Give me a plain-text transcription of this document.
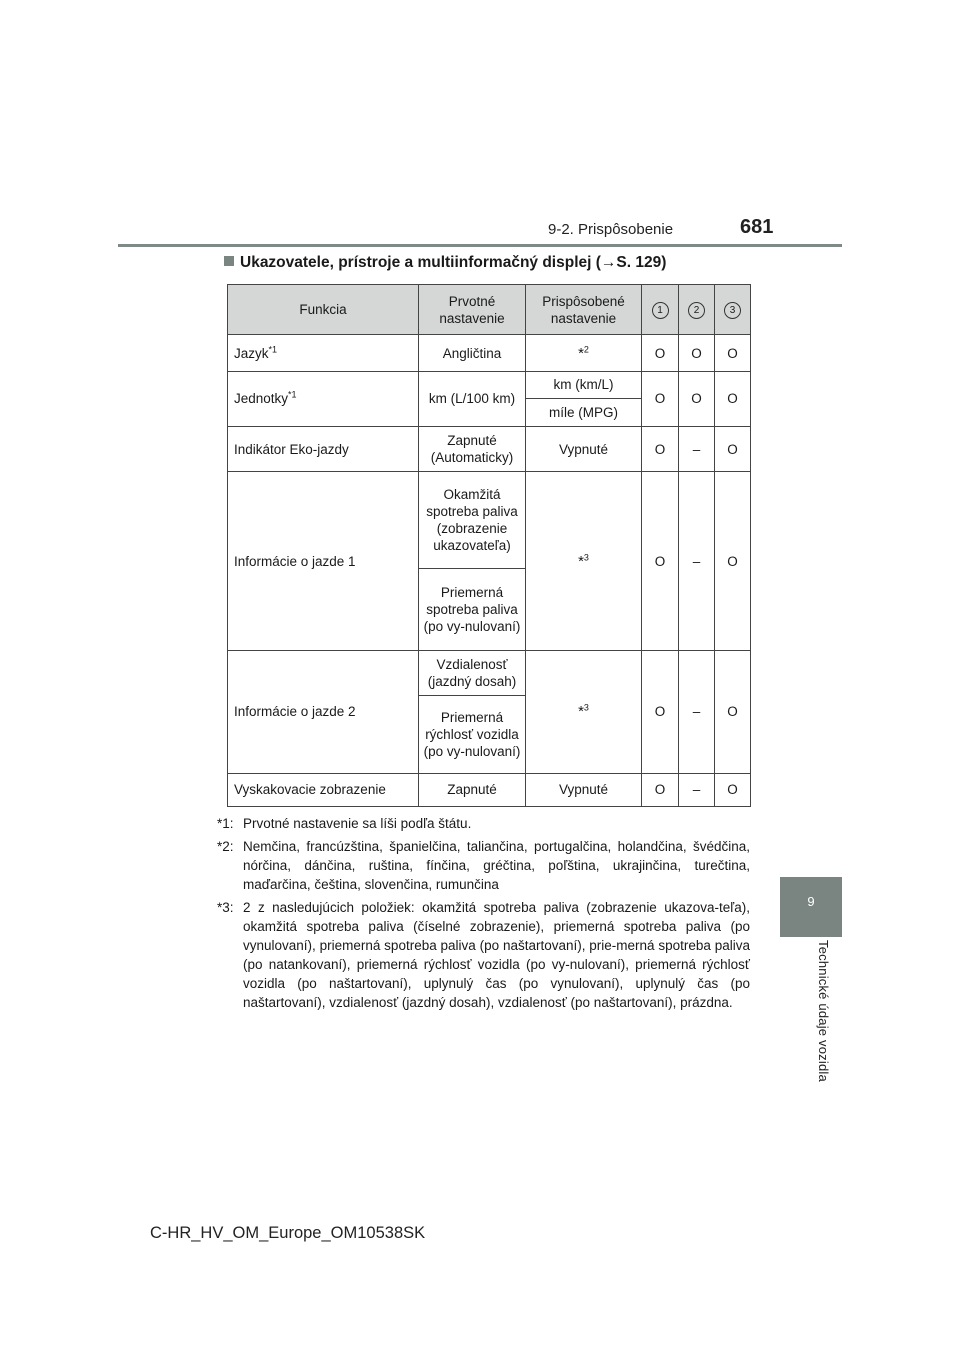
9-2. Prispôsobenie	681
9
Technické údaje vozidla
Ukazovatele, prístroje a multiinformačný displej (→S. 129)
Funkcia	Prvotné nastavenie	Prispôsobené nastavenie	1	2	3
Jazyk$^{*1}$	Angličtina	*$^2$	O	O	O
Jednotky$^{*1}$	km (L/100 km)	km (km/L)	O	O	O
		míle (MPG)			
Indikátor Eko-jazdy	Zapnuté (Automaticky)	Vypnuté	O	–	O
Informácie o jazde 1	Okamžitá spotreba paliva (zobrazenie ukazovateľa)	*$^3$	O	–	O
	Priemerná spotreba paliva (po vy-nulovaní)				
Informácie o jazde 2	Vzdialenosť (jazdný dosah)	*$^3$	O	–	O
	Priemerná rýchlosť vozidla (po vy-nulovaní)				
Vyskakovacie zobrazenie	Zapnuté	Vypnuté	O	–	O
*1: Prvotné nastavenie sa líši podľa štátu.
*2: Nemčina, francúzština, španielčina, taliančina, portugalčina, holandčina, švédčina, nórčina, dánčina, ruština, fínčina, gréčtina, poľština, ukrajinčina, turečtina, maďarčina, čeština, slovenčina, rumunčina
*3: 2 z nasledujúcich položiek: okamžitá spotreba paliva (zobrazenie ukazova-teľa), okamžitá spotreba paliva (číselné zobrazenie), priemerná spotreba paliva (po vynulovaní), priemerná spotreba paliva (po naštartovaní), prie-merná spotreba paliva (po natankovaní), priemerná rýchlosť vozidla (po vy-nulovaní), priemerná rýchlosť vozidla (po naštartovaní), uplynulý čas (po vynulovaní), uplynulý čas (po naštartovaní), vzdialenosť (jazdný dosah), vzdialenosť (po naštartovaní), prázdna.
C-HR_HV_OM_Europe_OM10538SK
